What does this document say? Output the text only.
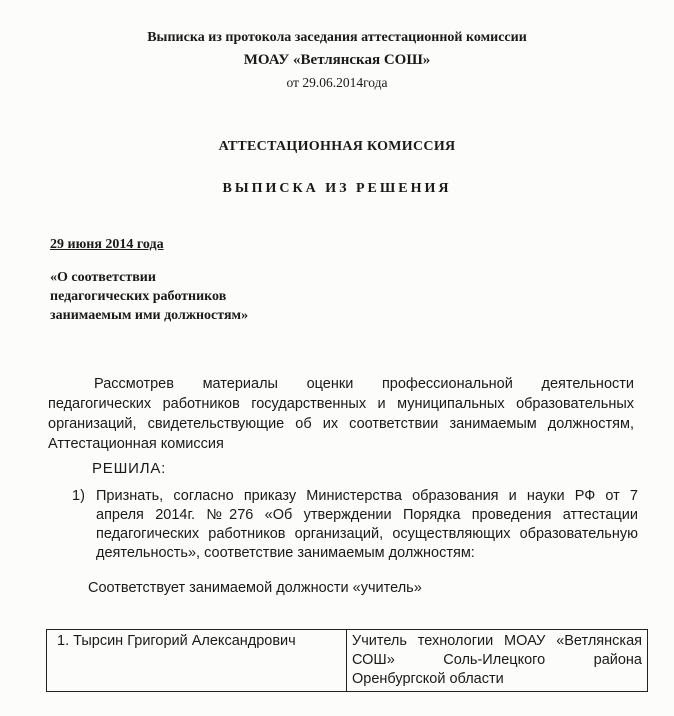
Выписка из протокола заседания аттестационной комиссии
МОАУ «Ветлянская СОШ»
от 29.06.2014года
АТТЕСТАЦИОННАЯ КОМИССИЯ
ВЫПИСКА ИЗ РЕШЕНИЯ
29 июня 2014 года
«О соответствии
педагогических работников
занимаемым ими должностям»
Рассмотрев материалы оценки профессиональной деятельности
педагогических работников государственных и муниципальных образовательных
организаций, свидетельствующие об их соответствии занимаемым должностям,
Аттестационная комиссия
РЕШИЛА:
1) Признать, согласно приказу Министерства образования и науки РФ от 7
апреля 2014г. №276 «Об утверждении Порядка проведения аттестации
педагогических работников организаций, осуществляющих образовательную
деятельность», соответствие занимаемым должностям:
Соответствует занимаемой должности «учитель»
1. Тырсин Григорий Александрович	Учитель технологии МОАУ «Ветлянская
СОШ» Соль-Илецкого района
Оренбургской области
